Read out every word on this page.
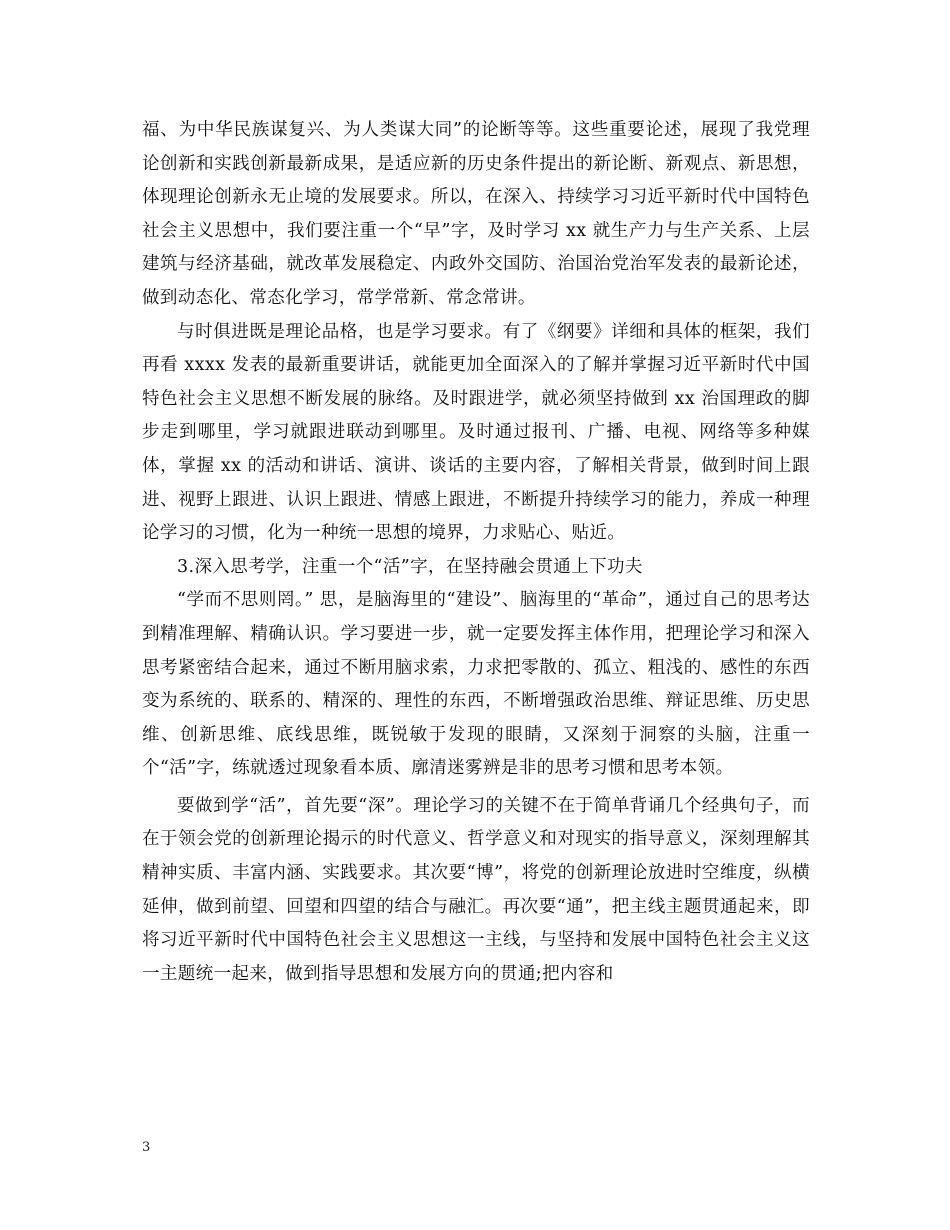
福、为中华民族谋复兴、为人类谋大同”的论断等等。这些重要论述，展现了我党理论创新和实践创新最新成果，是适应新的历史条件提出的新论断、新观点、新思想，体现理论创新永无止境的发展要求。所以，在深入、持续学习习近平新时代中国特色社会主义思想中，我们要注重一个“早”字，及时学习 xx 就生产力与生产关系、上层建筑与经济基础，就改革发展稳定、内政外交国防、治国治党治军发表的最新论述，做到动态化、常态化学习，常学常新、常念常讲。

与时俱进既是理论品格，也是学习要求。有了《纲要》详细和具体的框架，我们再看 xxxx 发表的最新重要讲话，就能更加全面深入的了解并掌握习近平新时代中国特色社会主义思想不断发展的脉络。及时跟进学，就必须坚持做到 xx 治国理政的脚步走到哪里，学习就跟进联动到哪里。及时通过报刊、广播、电视、网络等多种媒体，掌握 xx 的活动和讲话、演讲、谈话的主要内容，了解相关背景，做到时间上跟进、视野上跟进、认识上跟进、情感上跟进，不断提升持续学习的能力，养成一种理论学习的习惯，化为一种统一思想的境界，力求贴心、贴近。

3.深入思考学，注重一个“活”字，在坚持融会贯通上下功夫

“学而不思则罔。” 思，是脑海里的“建设”、脑海里的“革命”，通过自己的思考达到精准理解、精确认识。学习要进一步，就一定要发挥主体作用，把理论学习和深入思考紧密结合起来，通过不断用脑求索，力求把零散的、孤立、粗浅的、感性的东西变为系统的、联系的、精深的、理性的东西，不断增强政治思维、辩证思维、历史思维、创新思维、底线思维，既锐敏于发现的眼睛，又深刻于洞察的头脑，注重一个“活”字，练就透过现象看本质、廓清迷雾辨是非的思考习惯和思考本领。

要做到学“活”，首先要“深”。理论学习的关键不在于简单背诵几个经典句子，而在于领会党的创新理论揭示的时代意义、哲学意义和对现实的指导意义，深刻理解其精神实质、丰富内涵、实践要求。其次要“博”，将党的创新理论放进时空维度，纵横延伸，做到前望、回望和四望的结合与融汇。再次要“通”，把主线主题贯通起来，即将习近平新时代中国特色社会主义思想这一主线，与坚持和发展中国特色社会主义这一主题统一起来，做到指导思想和发展方向的贯通;把内容和

3
